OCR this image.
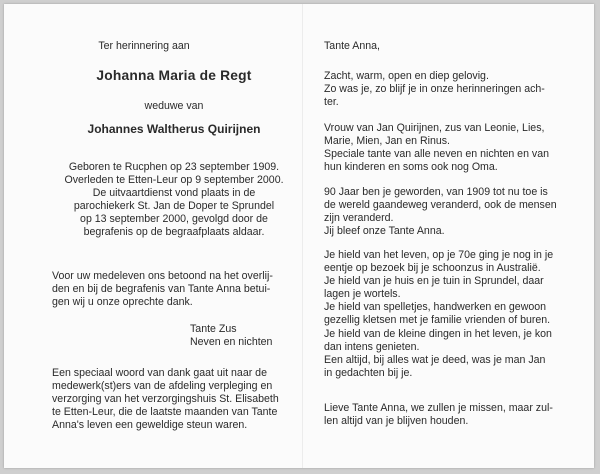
Ter herinnering aan

Johanna Maria de Regt

weduwe van

Johannes Waltherus Quirijnen

Geboren te Rucphen op 23 september 1909.
Overleden te Etten-Leur op 9 september 2000.
De uitvaartdienst vond plaats in de
parochiekerk St. Jan de Doper te Sprundel
op 13 september 2000, gevolgd door de
begrafenis op de begraafplaats aldaar.
Voor uw medeleven ons betoond na het overlij-
den en bij de begrafenis van Tante Anna betui-
gen wij u onze oprechte dank.
Tante Zus
Neven en nichten
Een speciaal woord van dank gaat uit naar de
medewerk(st)ers van de afdeling verpleging en
verzorging van het verzorgingshuis St. Elisabeth
te Etten-Leur, die de laatste maanden van Tante
Anna's leven een geweldige steun waren.

Tante Anna,

Zacht, warm, open en diep gelovig.
Zo was je, zo blijf je in onze herinneringen ach-
ter.
Vrouw van Jan Quirijnen, zus van Leonie, Lies,
Marie, Mien, Jan en Rinus.
Speciale tante van alle neven en nichten en van
hun kinderen en soms ook nog Oma.
90 Jaar ben je geworden, van 1909 tot nu toe is
de wereld gaandeweg veranderd, ook de mensen
zijn veranderd.
Jij bleef onze Tante Anna.
Je hield van het leven, op je 70e ging je nog in je
eentje op bezoek bij je schoonzus in Australië.
Je hield van je huis en je tuin in Sprundel, daar
lagen je wortels.
Je hield van spelletjes, handwerken en gewoon
gezellig kletsen met je familie vrienden of buren.
Je hield van de kleine dingen in het leven, je kon
dan intens genieten.
Een altijd, bij alles wat je deed, was je man Jan
in gedachten bij je.
Lieve Tante Anna, we zullen je missen, maar zul-
len altijd van je blijven houden.
